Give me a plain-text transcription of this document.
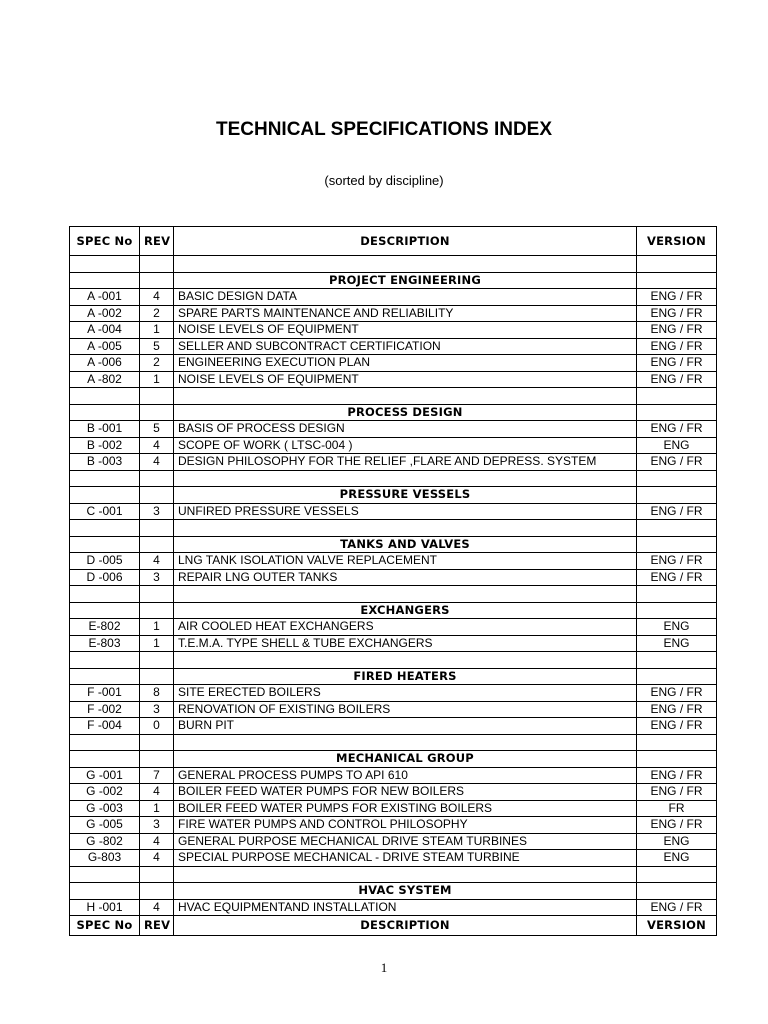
TECHNICAL SPECIFICATIONS INDEX
(sorted by discipline)
SPEC No	REV	DESCRIPTION	VERSION

		PROJECT ENGINEERING	
A -001	4	BASIC DESIGN DATA	ENG / FR
A -002	2	SPARE PARTS MAINTENANCE AND RELIABILITY	ENG / FR
A -004	1	NOISE LEVELS OF EQUIPMENT	ENG / FR
A -005	5	SELLER AND SUBCONTRACT CERTIFICATION	ENG / FR
A -006	2	ENGINEERING EXECUTION PLAN	ENG / FR
A -802	1	NOISE LEVELS OF EQUIPMENT	ENG / FR

		PROCESS DESIGN	
B -001	5	BASIS OF PROCESS DESIGN	ENG / FR
B -002	4	SCOPE OF WORK ( LTSC-004 )	ENG
B -003	4	DESIGN PHILOSOPHY FOR THE RELIEF ,FLARE AND DEPRESS. SYSTEM	ENG / FR

		PRESSURE VESSELS	
C -001	3	UNFIRED PRESSURE VESSELS	ENG / FR

		TANKS AND VALVES	
D -005	4	LNG TANK ISOLATION VALVE REPLACEMENT	ENG / FR
D -006	3	REPAIR LNG OUTER TANKS	ENG / FR

		EXCHANGERS	
E-802	1	AIR COOLED HEAT EXCHANGERS	ENG
E-803	1	T.E.M.A. TYPE SHELL & TUBE EXCHANGERS	ENG

		FIRED HEATERS	
F -001	8	SITE ERECTED BOILERS	ENG / FR
F -002	3	RENOVATION OF EXISTING BOILERS	ENG / FR
F -004	0	BURN PIT	ENG / FR

		MECHANICAL GROUP	
G -001	7	GENERAL PROCESS PUMPS TO API 610	ENG / FR
G -002	4	BOILER FEED WATER PUMPS FOR NEW BOILERS	ENG / FR
G -003	1	BOILER FEED WATER PUMPS FOR EXISTING BOILERS	FR
G -005	3	FIRE WATER PUMPS AND CONTROL PHILOSOPHY	ENG / FR
G -802	4	GENERAL PURPOSE MECHANICAL DRIVE STEAM TURBINES	ENG
G-803	4	SPECIAL PURPOSE MECHANICAL - DRIVE STEAM TURBINE	ENG

		HVAC SYSTEM	
H -001	4	HVAC EQUIPMENTAND INSTALLATION	ENG / FR
SPEC No	REV	DESCRIPTION	VERSION
1
